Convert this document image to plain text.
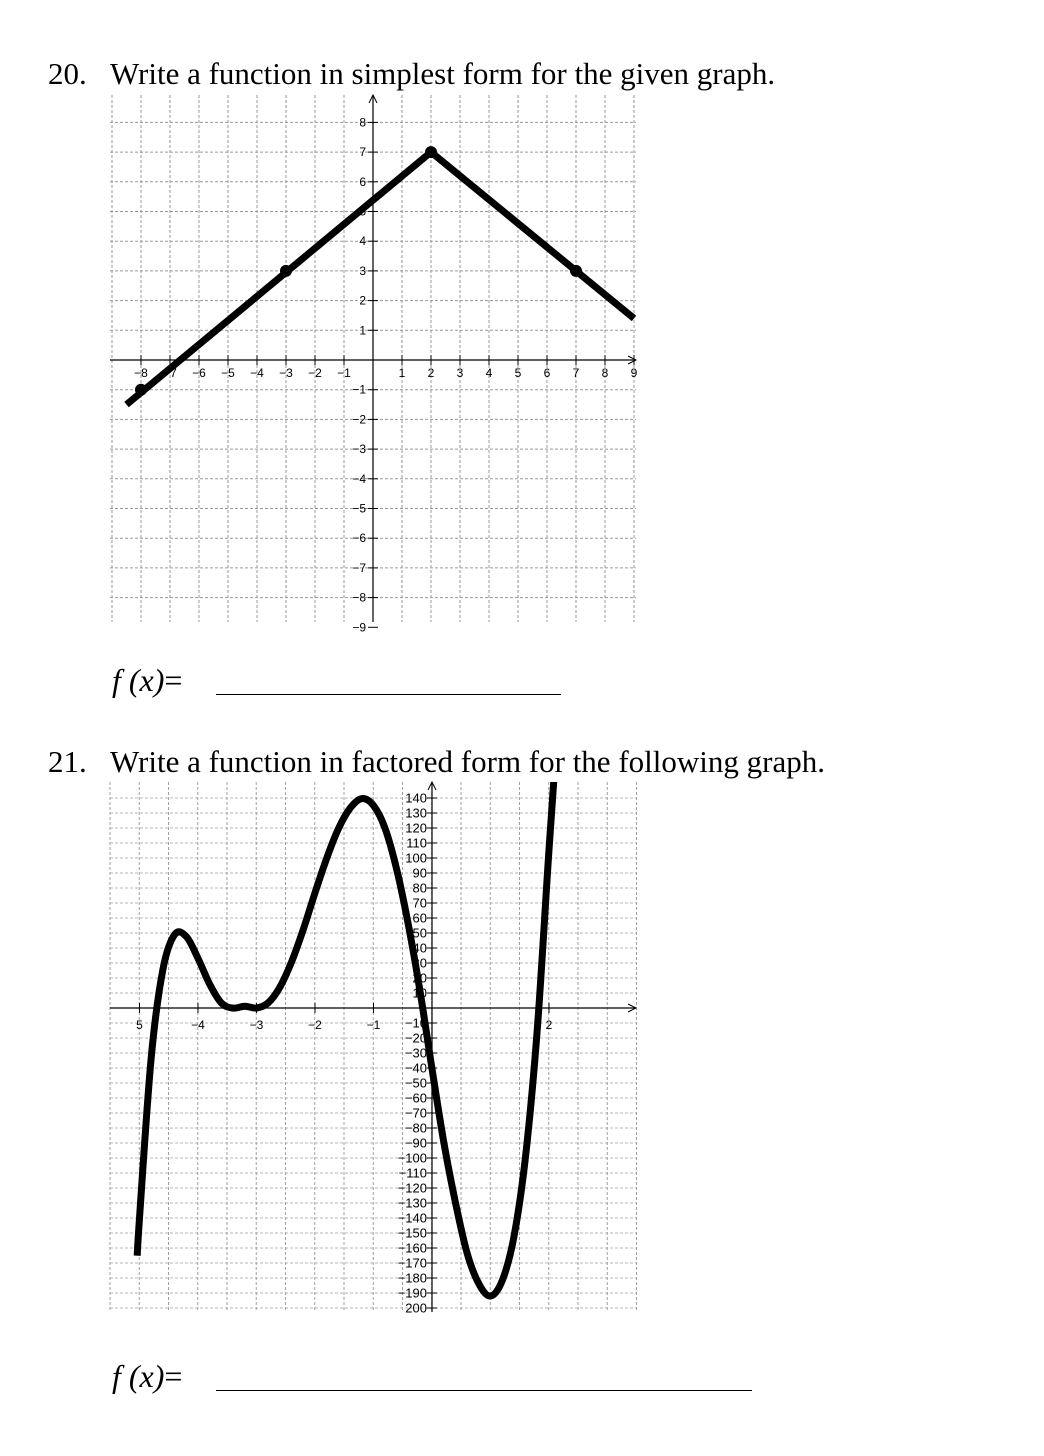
20. Write a function in simplest form for the given graph.
−8 −7 −6 −5 −4 −3 −2 −1	1 2 3 4 5 6 7 8 9
8
7
6
5
4
3
2
1
−1
−2
−3
−4
−5
−6
−7
−8
−9
f (x)=
21. Write a function in factored form for the following graph.
5	−4	−3	−2	−1	2
140
130
120
110
100
90
80
70
60
50
40
30
20
10
−10
−20
−30
−40
−50
−60
−70
−80
−90
−100
−110
−120
−130
−140
−150
−160
−170
−180
−190
200
f (x)=
